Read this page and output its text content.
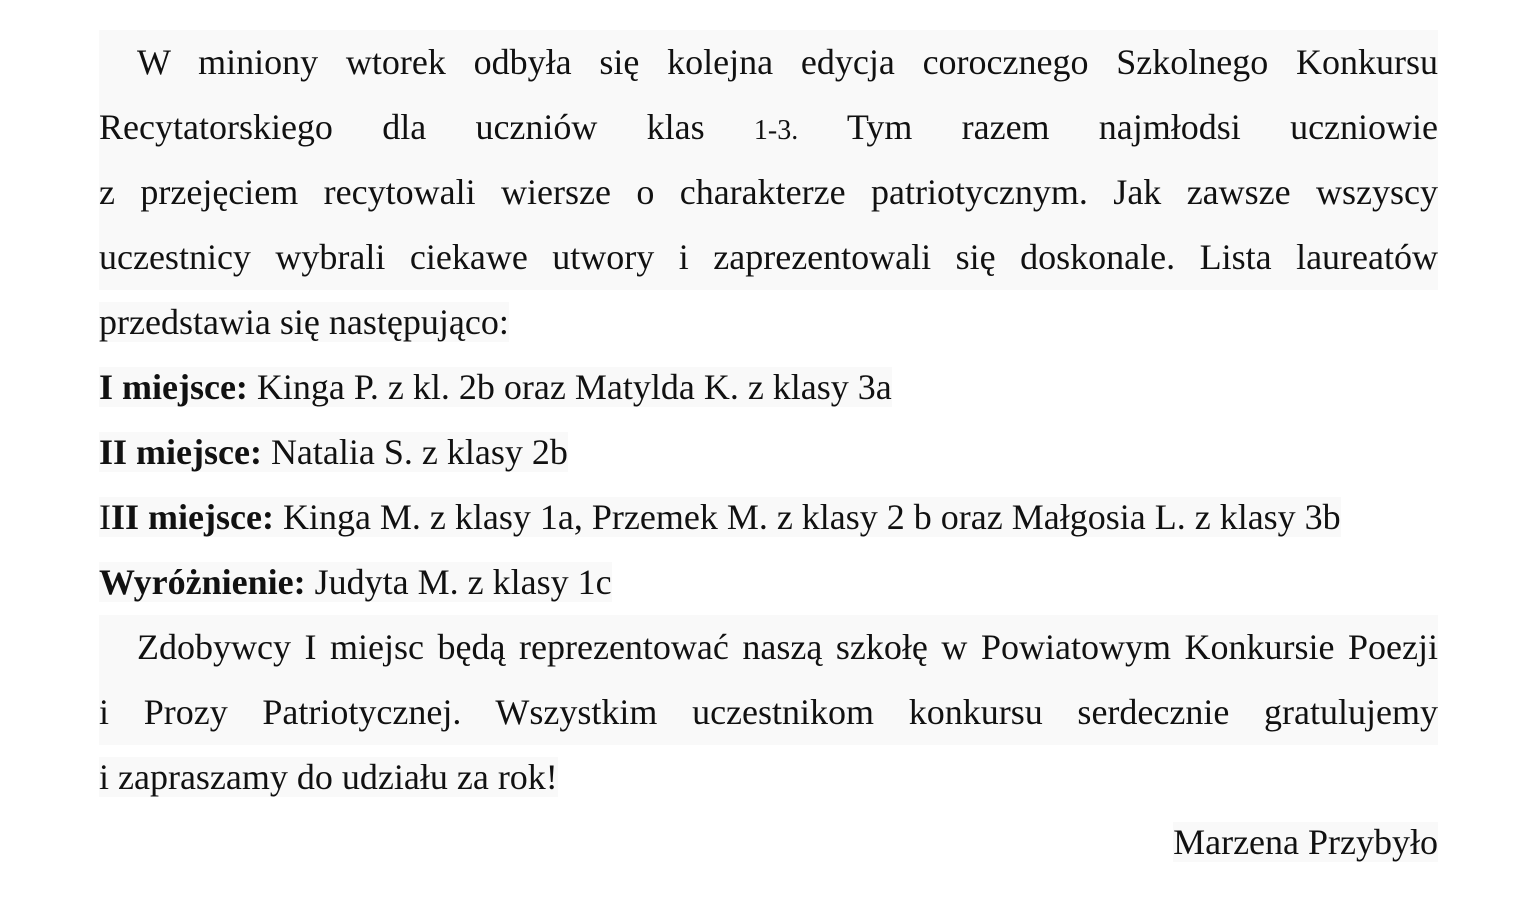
W miniony wtorek odbyła się kolejna edycja corocznego Szkolnego Konkursu

Recytatorskiego dla uczniów klas 1-3. Tym razem najmłodsi uczniowie

z przejęciem recytowali wiersze o charakterze patriotycznym. Jak zawsze wszyscy

uczestnicy wybrali ciekawe utwory i zaprezentowali się doskonale. Lista laureatów

przedstawia się następująco:

I miejsce: Kinga P. z kl. 2b oraz Matylda K. z klasy 3a

II miejsce: Natalia S. z klasy 2b

III miejsce: Kinga M. z klasy 1a, Przemek M. z klasy 2 b oraz Małgosia L. z klasy 3b

Wyróżnienie: Judyta M. z klasy 1c

Zdobywcy I miejsc będą reprezentować naszą szkołę w Powiatowym Konkursie Poezji

i Prozy Patriotycznej. Wszystkim uczestnikom konkursu serdecznie gratulujemy

i zapraszamy do udziału za rok!

Marzena Przybyło
